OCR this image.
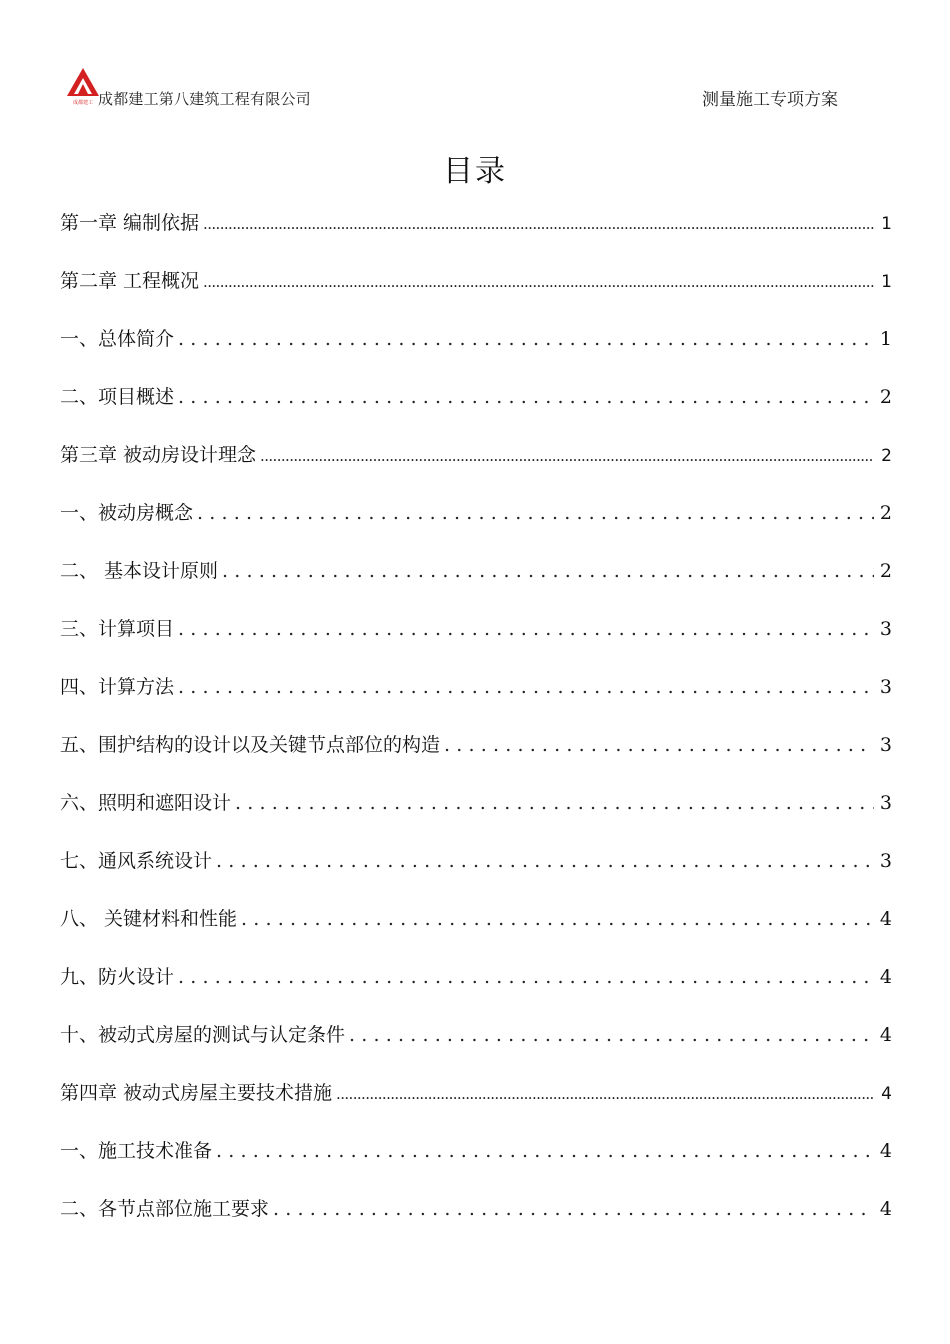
成都建工 成都建工第八建筑工程有限公司	测量施工专项方案
目录
第一章 编制依据 .....	1
第二章 工程概况 .....	1
一、总体简介 .....	1
二、项目概述 .....	2
第三章 被动房设计理念 .....	2
一、被动房概念 .....	2
二、 基本设计原则 .....	2
三、计算项目 .....	3
四、计算方法 .....	3
五、围护结构的设计以及关键节点部位的构造 .....	3
六、照明和遮阳设计 .....	3
七、通风系统设计 .....	3
八、 关键材料和性能 .....	4
九、防火设计 .....	4
十、被动式房屋的测试与认定条件 .....	4
第四章 被动式房屋主要技术措施 .....	4
一、施工技术准备 .....	4
二、各节点部位施工要求 .....	4
